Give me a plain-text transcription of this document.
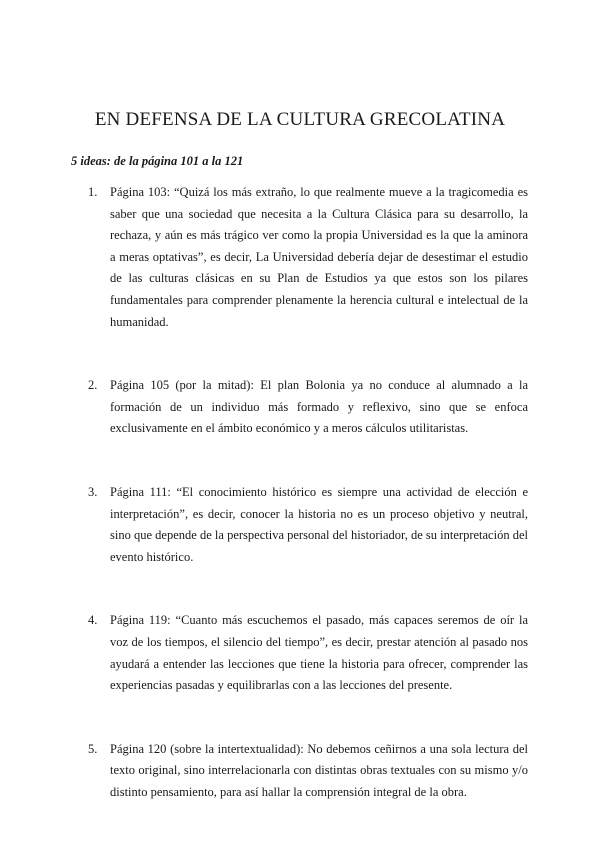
EN DEFENSA DE LA CULTURA GRECOLATINA
5 ideas: de la página 101 a la 121
1. Página 103: “Quizá los más extraño, lo que realmente mueve a la tragicomedia es saber que una sociedad que necesita a la Cultura Clásica para su desarrollo, la rechaza, y aún es más trágico ver como la propia Universidad es la que la aminora a meras optativas”, es decir, La Universidad debería dejar de desestimar el estudio de las culturas clásicas en su Plan de Estudios ya que estos son los pilares fundamentales para comprender plenamente la herencia cultural e intelectual de la humanidad.
2. Página 105 (por la mitad): El plan Bolonia ya no conduce al alumnado a la formación de un individuo más formado y reflexivo, sino que se enfoca exclusivamente en el ámbito económico y a meros cálculos utilitaristas.
3. Página 111: “El conocimiento histórico es siempre una actividad de elección e interpretación”, es decir, conocer la historia no es un proceso objetivo y neutral, sino que depende de la perspectiva personal del historiador, de su interpretación del evento histórico.
4. Página 119: “Cuanto más escuchemos el pasado, más capaces seremos de oír la voz de los tiempos, el silencio del tiempo”, es decir, prestar atención al pasado nos ayudará a entender las lecciones que tiene la historia para ofrecer, comprender las experiencias pasadas y equilibrarlas con a las lecciones del presente.
5. Página 120 (sobre la intertextualidad): No debemos ceñirnos a una sola lectura del texto original, sino interrelacionarla con distintas obras textuales con su mismo y/o distinto pensamiento, para así hallar la comprensión integral de la obra.
